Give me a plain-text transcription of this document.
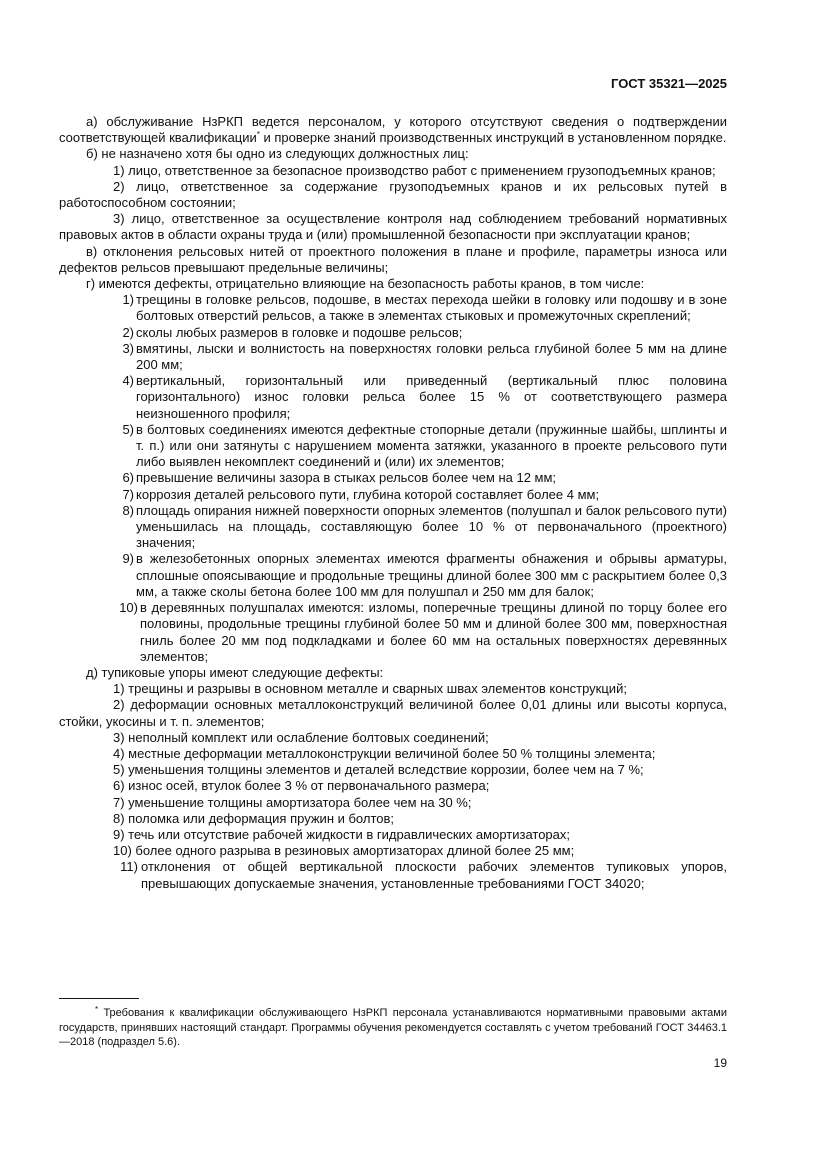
ГОСТ 35321—2025

а) обслуживание НзРКП ведется персоналом, у которого отсутствуют сведения о подтверждении соответствующей квалификации* и проверке знаний производственных инструкций в установленном порядке.

б) не назначено хотя бы одно из следующих должностных лиц:

1) лицо, ответственное за безопасное производство работ с применением грузоподъемных кранов;

2) лицо, ответственное за содержание грузоподъемных кранов и их рельсовых путей в работоспособном состоянии;

3) лицо, ответственное за осуществление контроля над соблюдением требований нормативных правовых актов в области охраны труда и (или) промышленной безопасности при эксплуатации кранов;

в) отклонения рельсовых нитей от проектного положения в плане и профиле, параметры износа или дефектов рельсов превышают предельные величины;

г) имеются дефекты, отрицательно влияющие на безопасность работы кранов, в том числе:

1) трещины в головке рельсов, подошве, в местах перехода шейки в головку или подошву и в зоне болтовых отверстий рельсов, а также в элементах стыковых и промежуточных скреплений;

2) сколы любых размеров в головке и подошве рельсов;

3) вмятины, лыски и волнистость на поверхностях головки рельса глубиной более 5 мм на длине 200 мм;

4) вертикальный, горизонтальный или приведенный (вертикальный плюс половина горизонтального) износ головки рельса более 15 % от соответствующего размера неизношенного профиля;

5) в болтовых соединениях имеются дефектные стопорные детали (пружинные шайбы, шплинты и т. п.) или они затянуты с нарушением момента затяжки, указанного в проекте рельсового пути либо выявлен некомплект соединений и (или) их элементов;

6) превышение величины зазора в стыках рельсов более чем на 12 мм;

7) коррозия деталей рельсового пути, глубина которой составляет более 4 мм;

8) площадь опирания нижней поверхности опорных элементов (полушпал и балок рельсового пути) уменьшилась на площадь, составляющую более 10 % от первоначального (проектного) значения;

9) в железобетонных опорных элементах имеются фрагменты обнажения и обрывы арматуры, сплошные опоясывающие и продольные трещины длиной более 300 мм с раскрытием более 0,3 мм, а также сколы бетона более 100 мм для полушпал и 250 мм для балок;

10) в деревянных полушпалах имеются: изломы, поперечные трещины длиной по торцу более его половины, продольные трещины глубиной более 50 мм и длиной более 300 мм, поверхностная гниль более 20 мм под подкладками и более 60 мм на остальных поверхностях деревянных элементов;

д) тупиковые упоры имеют следующие дефекты:

1) трещины и разрывы в основном металле и сварных швах элементов конструкций;

2) деформации основных металлоконструкций величиной более 0,01 длины или высоты корпуса, стойки, укосины и т. п. элементов;

3) неполный комплект или ослабление болтовых соединений;

4) местные деформации металлоконструкции величиной более 50 % толщины элемента;

5) уменьшения толщины элементов и деталей вследствие коррозии, более чем на 7 %;

6) износ осей, втулок более 3 % от первоначального размера;

7) уменьшение толщины амортизатора более чем на 30 %;

8) поломка или деформация пружин и болтов;

9) течь или отсутствие рабочей жидкости в гидравлических амортизаторах;

10) более одного разрыва в резиновых амортизаторах длиной более 25 мм;

11) отклонения от общей вертикальной плоскости рабочих элементов тупиковых упоров, превышающих допускаемые значения, установленные требованиями ГОСТ 34020;

* Требования к квалификации обслуживающего НзРКП персонала устанавливаются нормативными правовыми актами государств, принявших настоящий стандарт. Программы обучения рекомендуется составлять с учетом требований ГОСТ 34463.1—2018 (подраздел 5.6).
19
